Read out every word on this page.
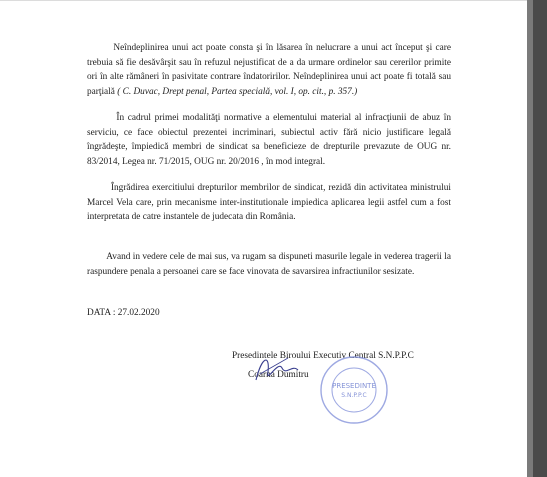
Neîndeplinirea unui act poate consta şi în lăsarea în nelucrare a unui act început şi care trebuia să fie desăvârşit sau în refuzul nejustificat de a da urmare ordinelor sau cererilor primite ori în alte rămâneri în pasivitate contrare îndatoririlor. Neîndeplinirea unui act poate fi totală sau parţială ( C. Duvac, Drept penal, Partea specială, vol. I, op. cit., p. 357.)

În cadrul primei modalităţi normative a elementului material al infracţiunii de abuz în serviciu, ce face obiectul prezentei incriminari, subiectul activ fără nicio justificare legală îngrădeşte, împiedică membri de sindicat sa beneficieze de drepturile prevazute de OUG nr. 83/2014, Legea nr. 71/2015, OUG nr. 20/2016 , în mod integral.

Îngrădirea exercitiului drepturilor membrilor de sindicat, rezidă din activitatea ministrului Marcel Vela care, prin mecanisme inter-institutionale impiedica aplicarea legii astfel cum a fost interpretata de catre instantele de judecata din România.

Avand in vedere cele de mai sus, va rugam sa dispuneti masurile legale in vederea tragerii la raspundere penala a persoanei care se face vinovata de savarsirea infractiunilor sesizate.

DATA : 27.02.2020
Presedintele Biroului Executiv Central S.N.P.P.C
Coarna Dumitru
PRESEDINTE
S.N.P.P.C
